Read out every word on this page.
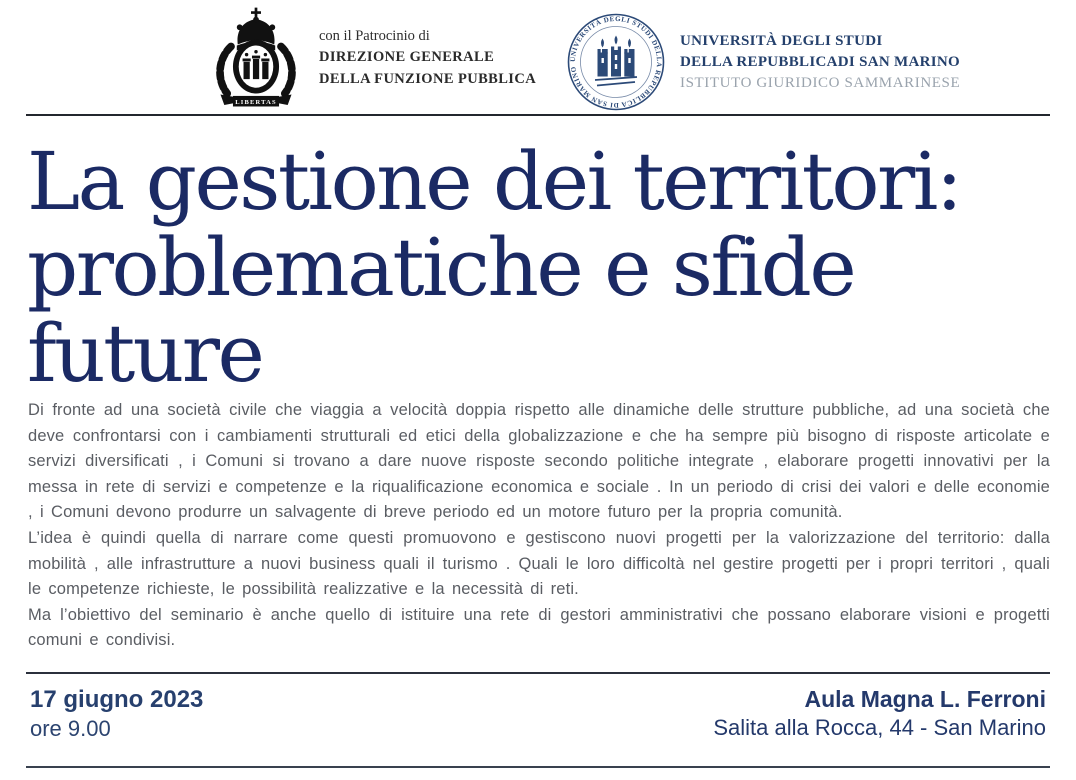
LIBERTAS
con il Patrocinio di
DIREZIONE GENERALE
DELLA FUNZIONE PUBBLICA
UNIVERSITÀ DEGLI STUDI DELLA REPUBBLICA DI SAN MARINO
UNIVERSITÀ DEGLI STUDI
DELLA REPUBBLICADI SAN MARINO
ISTITUTO GIURIDICO SAMMARINESE
La gestione dei territori:
problematiche e sfide
future

Di fronte ad una società civile che viaggia a velocità doppia rispetto alle dinamiche delle strutture pubbliche, ad una società che deve confrontarsi con i cambiamenti strutturali ed etici della globalizzazione e che ha sempre più bisogno di risposte articolate e servizi diversificati , i Comuni si trovano a dare nuove risposte secondo politiche integrate , elaborare progetti innovativi per la messa in rete di servizi e competenze e la riqualificazione economica e sociale . In un periodo di crisi dei valori e delle economie , i Comuni devono produrre un salvagente di breve periodo ed un motore futuro per la propria comunità.

L’idea è quindi quella di narrare come questi promuovono e gestiscono nuovi progetti per la valorizzazione del territorio: dalla mobilità , alle infrastrutture a nuovi business quali il turismo . Quali le loro difficoltà nel gestire progetti per i propri territori , quali le competenze richieste, le possibilità realizzative e la necessità di reti.

Ma l’obiettivo del seminario è anche quello di istituire una rete di gestori amministrativi che possano elaborare visioni e progetti comuni e condivisi.

17 giugno 2023
ore 9.00
Aula Magna L. Ferroni
Salita alla Rocca, 44 - San Marino
